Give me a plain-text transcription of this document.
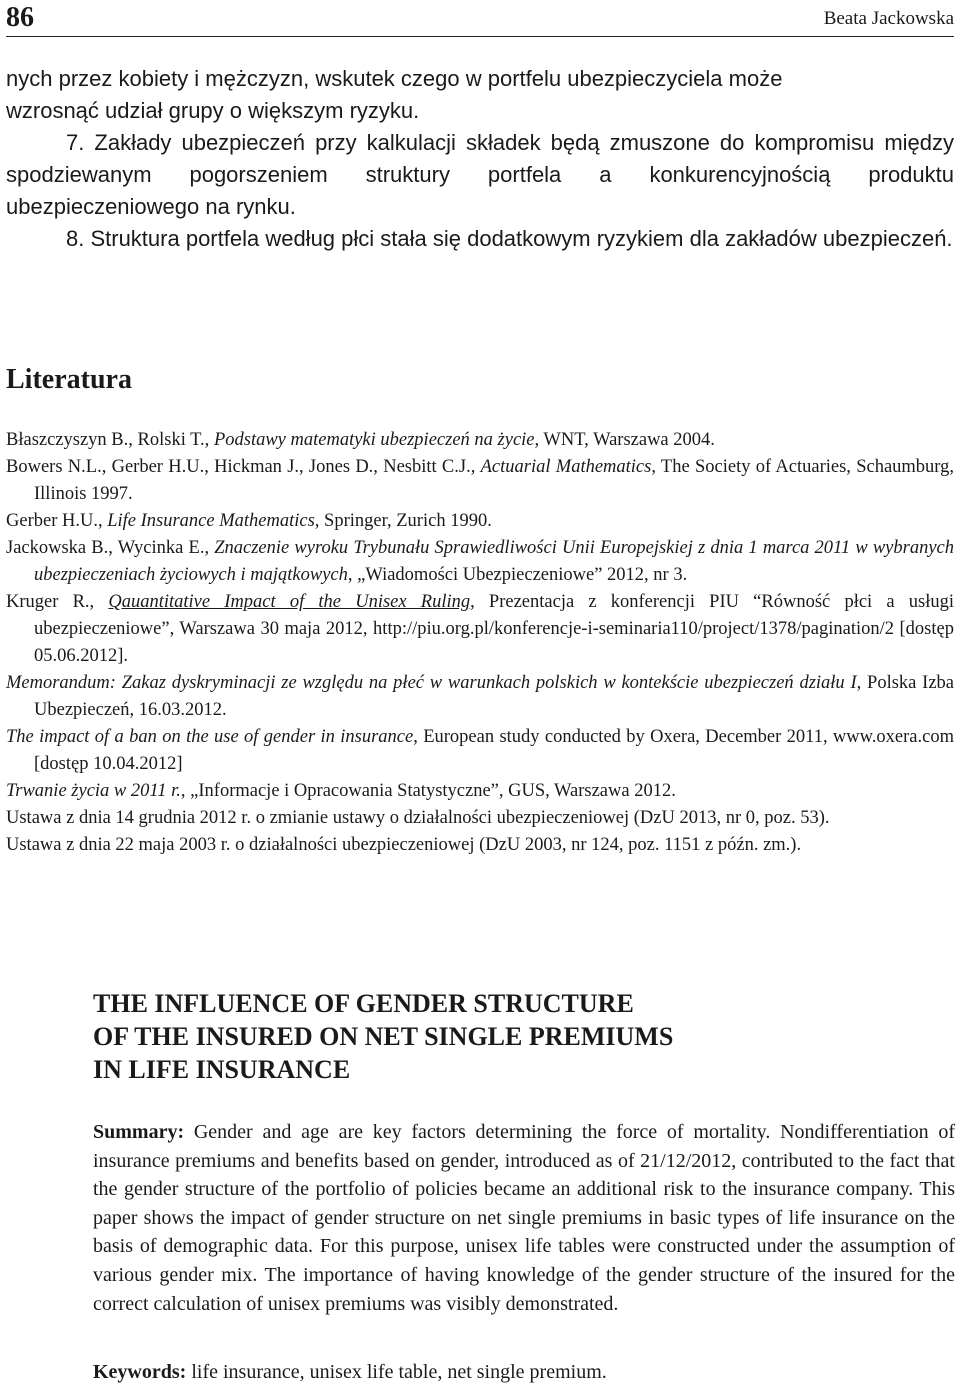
86	Beata Jackowska

nych przez kobiety i mężczyzn, wskutek czego w portfelu ubezpieczyciela może

wzrosnąć udział grupy o większym ryzyku.

7. Zakłady ubezpieczeń przy kalkulacji składek będą zmuszone do kompromisu między spodziewanym pogorszeniem struktury portfela a konkurencyjnością produktu ubezpieczeniowego na rynku.

8. Struktura portfela według płci stała się dodatkowym ryzykiem dla zakładów ubezpieczeń.

Literatura

Błaszczyszyn B., Rolski T., Podstawy matematyki ubezpieczeń na życie, WNT, Warszawa 2004.

Bowers N.L., Gerber H.U., Hickman J., Jones D., Nesbitt C.J., Actuarial Mathematics, The Society of Actuaries, Schaumburg, Illinois 1997.

Gerber H.U., Life Insurance Mathematics, Springer, Zurich 1990.

Jackowska B., Wycinka E., Znaczenie wyroku Trybunału Sprawiedliwości Unii Europejskiej z dnia 1 marca 2011 w wybranych ubezpieczeniach życiowych i majątkowych, „Wiadomości Ubezpieczeniowe” 2012, nr 3.

Kruger R., Qauantitative Impact of the Unisex Ruling, Prezentacja z konferencji PIU “Równość płci a usługi ubezpieczeniowe”, Warszawa 30 maja 2012, http://piu.org.pl/konferencje-i-seminaria110/project/1378/pagination/2 [dostęp 05.06.2012].

Memorandum: Zakaz dyskryminacji ze względu na płeć w warunkach polskich w kontekście ubezpieczeń działu I, Polska Izba Ubezpieczeń, 16.03.2012.

The impact of a ban on the use of gender in insurance, European study conducted by Oxera, December 2011, www.oxera.com [dostęp 10.04.2012]

Trwanie życia w 2011 r., „Informacje i Opracowania Statystyczne”, GUS, Warszawa 2012.

Ustawa z dnia 14 grudnia 2012 r. o zmianie ustawy o działalności ubezpieczeniowej (DzU 2013, nr 0, poz. 53).

Ustawa z dnia 22 maja 2003 r. o działalności ubezpieczeniowej (DzU 2003, nr 124, poz. 1151 z późn. zm.).

THE INFLUENCE OF GENDER STRUCTURE
OF THE INSURED ON NET SINGLE PREMIUMS
IN LIFE INSURANCE
Summary: Gender and age are key factors determining the force of mortality. Nondifferentiation of insurance premiums and benefits based on gender, introduced as of 21/12/2012, contributed to the fact that the gender structure of the portfolio of policies became an additional risk to the insurance company. This paper shows the impact of gender structure on net single premiums in basic types of life insurance on the basis of demographic data. For this purpose, unisex life tables were constructed under the assumption of various gender mix. The importance of having knowledge of the gender structure of the insured for the correct calculation of unisex premiums was visibly demonstrated.
Keywords: life insurance, unisex life table, net single premium.
